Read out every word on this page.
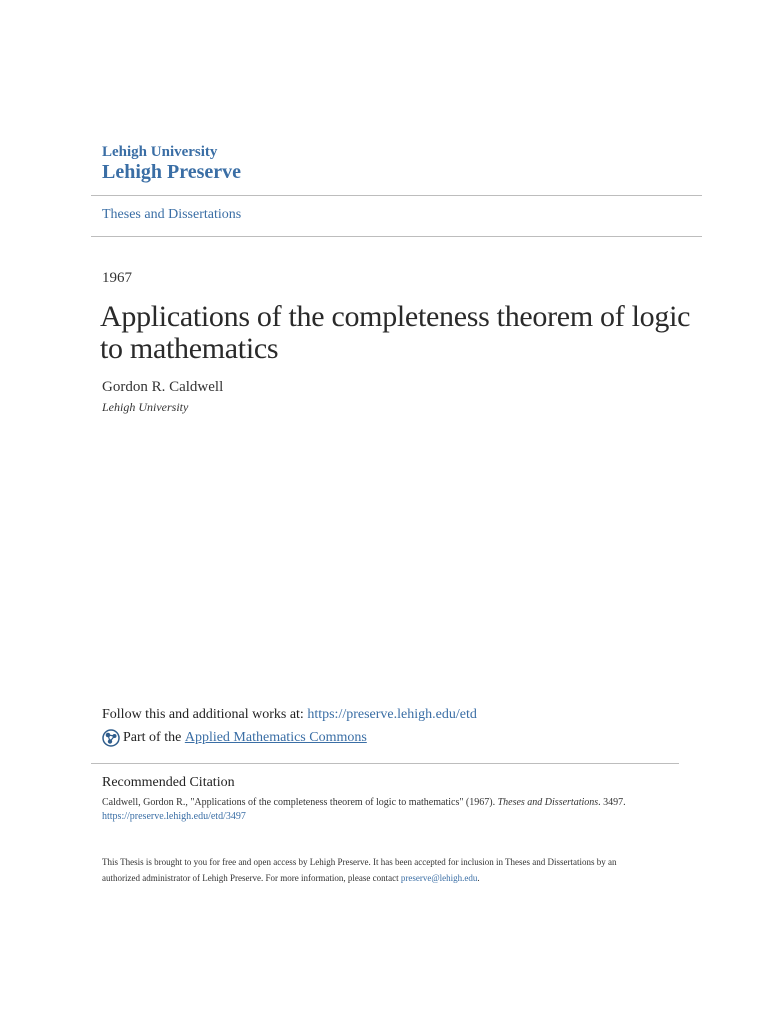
Lehigh University
Lehigh Preserve
Theses and Dissertations
1967
Applications of the completeness theorem of logic to mathematics
Gordon R. Caldwell
Lehigh University
Follow this and additional works at: https://preserve.lehigh.edu/etd
Part of the Applied Mathematics Commons
Recommended Citation
Caldwell, Gordon R., "Applications of the completeness theorem of logic to mathematics" (1967). Theses and Dissertations. 3497.
https://preserve.lehigh.edu/etd/3497
This Thesis is brought to you for free and open access by Lehigh Preserve. It has been accepted for inclusion in Theses and Dissertations by an
authorized administrator of Lehigh Preserve. For more information, please contact preserve@lehigh.edu.
